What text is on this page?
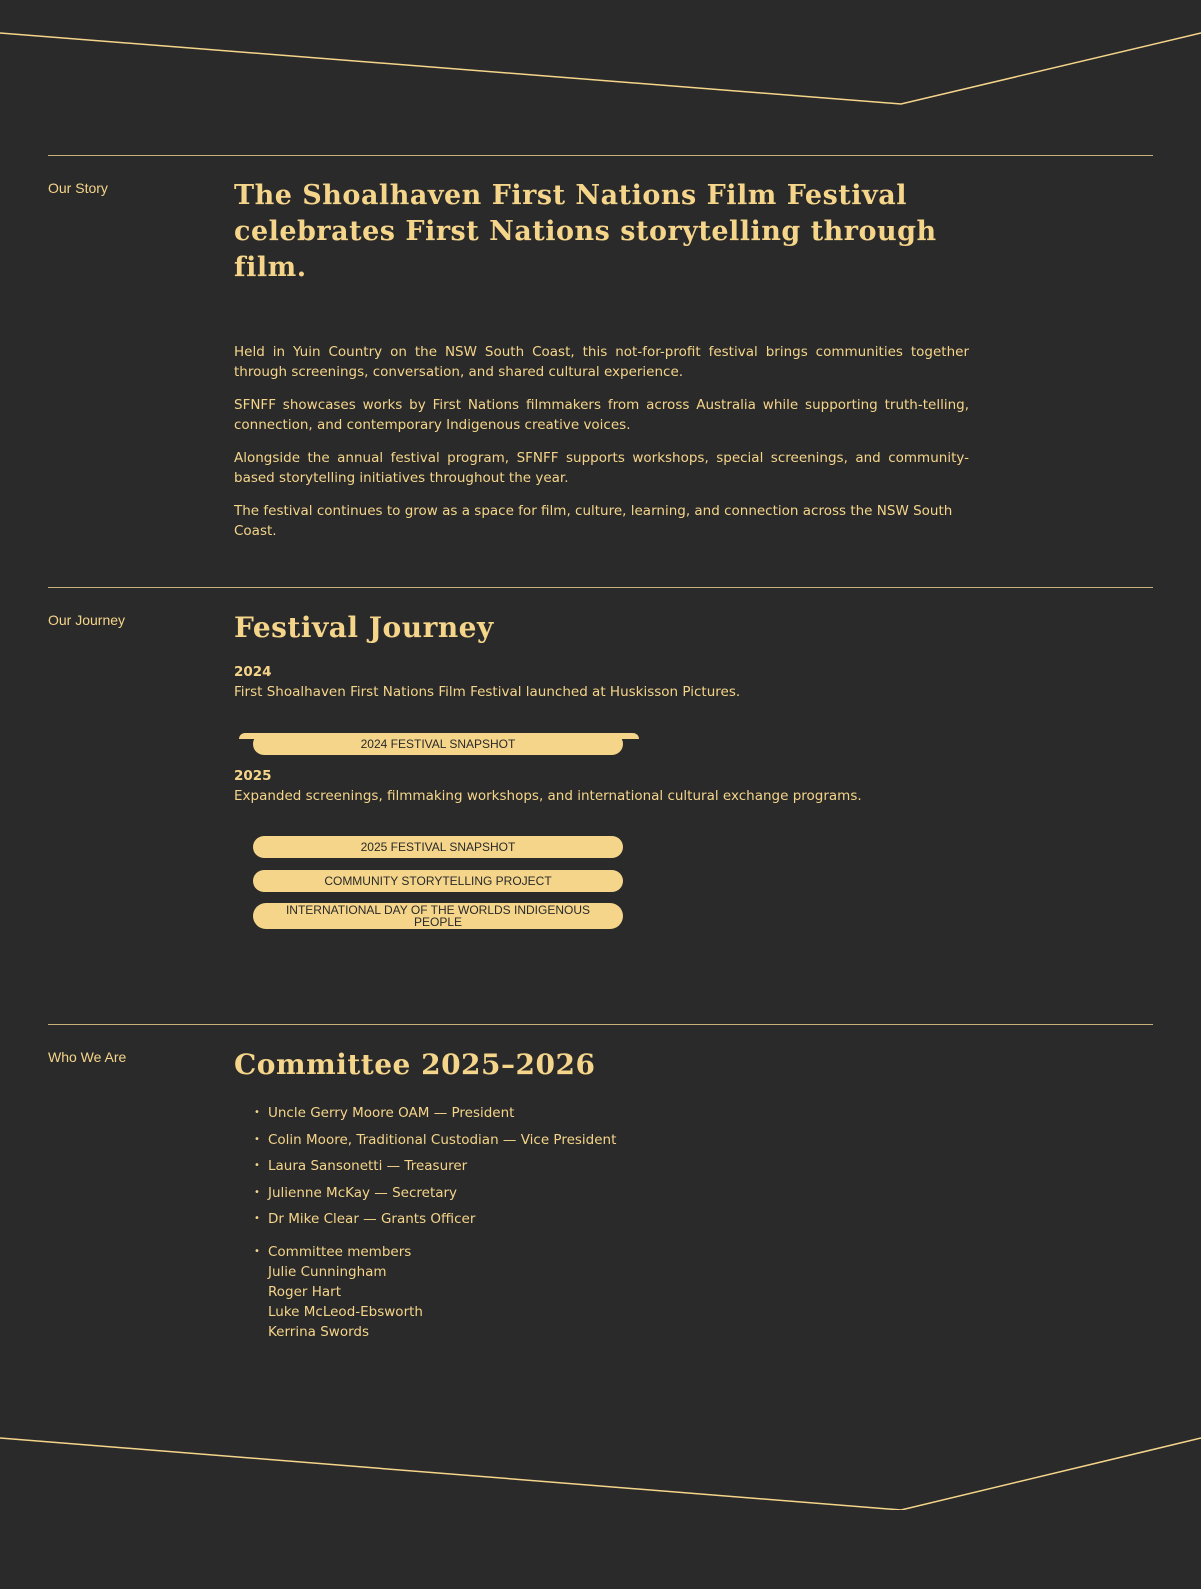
Our Story	The Shoalhaven First Nations Film Festival celebrates First Nations storytelling through film.

Held in Yuin Country on the NSW South Coast, this not-for-profit festival brings communities together through screenings, conversation, and shared cultural experience.

SFNFF showcases works by First Nations filmmakers from across Australia while supporting truth-telling, connection, and contemporary Indigenous creative voices.

Alongside the annual festival program, SFNFF supports workshops, special screenings, and community-based storytelling initiatives throughout the year.

The festival continues to grow as a space for film, culture, learning, and connection across the NSW South Coast.

Our Journey	Festival Journey
2024
First Shoalhaven First Nations Film Festival launched at Huskisson Pictures.
2024 FESTIVAL SNAPSHOT
2025
Expanded screenings, filmmaking workshops, and international cultural exchange programs.
2025 FESTIVAL SNAPSHOT
COMMUNITY STORYTELLING PROJECT
INTERNATIONAL DAY OF THE WORLDS INDIGENOUS PEOPLE
Who We Are	Committee 2025–2026
• Uncle Gerry Moore OAM — President
• Colin Moore, Traditional Custodian — Vice President
• Laura Sansonetti — Treasurer
• Julienne McKay — Secretary
• Dr Mike Clear — Grants Officer
• Committee members
Julie Cunningham
Roger Hart
Luke McLeod-Ebsworth
Kerrina Swords
